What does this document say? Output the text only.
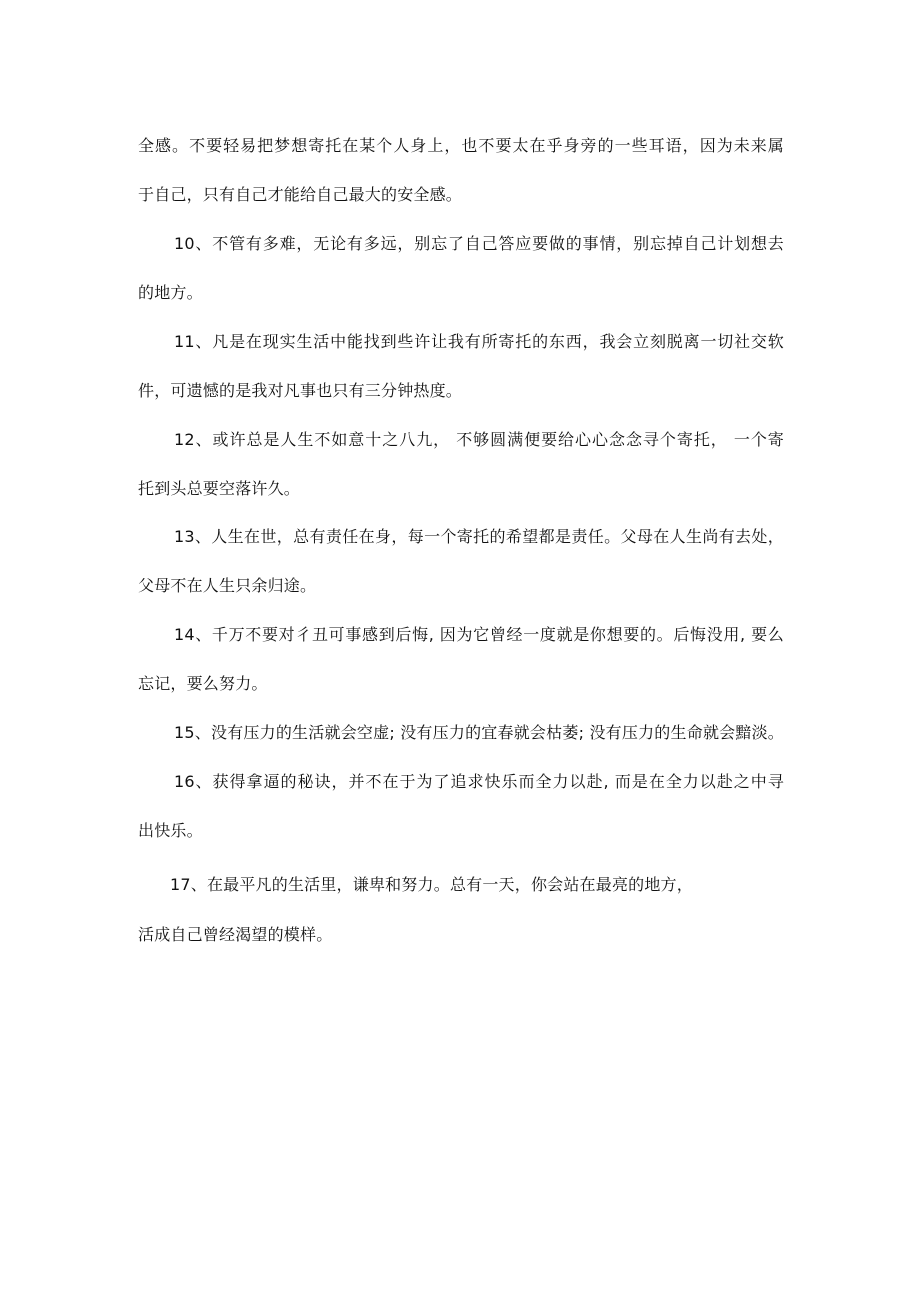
全感。不要轻易把梦想寄托在某个人身上，也不要太在乎身旁的一些耳语，因为未来属
于自己，只有自己才能给自己最大的安全感。
10、不管有多难，无论有多远，别忘了自己答应要做的事情，别忘掉自己计划想去
的地方。
11、凡是在现实生活中能找到些许让我有所寄托的东西，我会立刻脱离一切社交软
件，可遗憾的是我对凡事也只有三分钟热度。
12、或许总是人生不如意十之八九， 不够圆满便要给心心念念寻个寄托， 一个寄
托到头总要空落许久。
13、人生在世，总有责任在身，每一个寄托的希望都是责任。父母在人生尚有去处，
父母不在人生只余归途。
14、千万不要对彳丑可事感到后悔, 因为它曾经一度就是你想要的。后悔没用, 要么
忘记，要么努力。
15、没有压力的生活就会空虚; 没有压力的宜春就会枯萎; 没有压力的生命就会黯淡。
16、获得拿逼的秘诀，并不在于为了追求快乐而全力以赴, 而是在全力以赴之中寻
出快乐。
17、在最平凡的生活里，谦卑和努力。总有一天，你会站在最亮的地方，
活成自己曾经渴望的模样。
